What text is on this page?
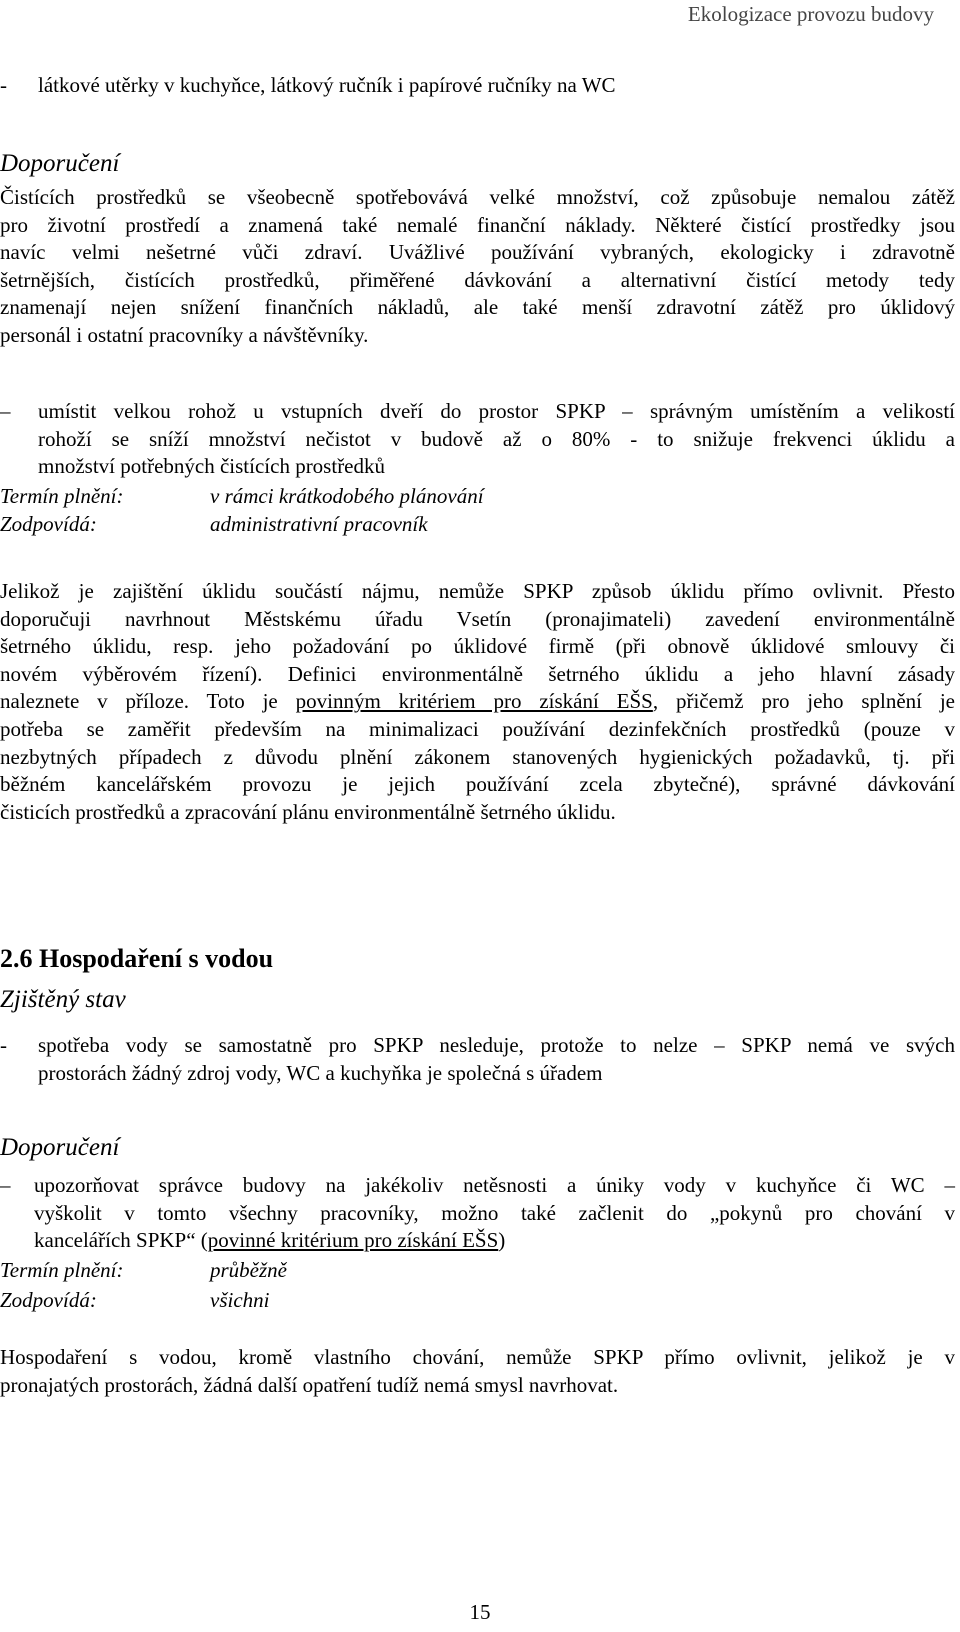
Ekologizace provozu budovy
- látkové utěrky v kuchyňce, látkový ručník i papírové ručníky na WC
Doporučení
Čistících prostředků se všeobecně spotřebovává velké množství, což způsobuje nemalou zátěž
pro životní prostředí a znamená také nemalé finanční náklady. Některé čistící prostředky jsou
navíc velmi nešetrné vůči zdraví. Uvážlivé používání vybraných, ekologicky i zdravotně
šetrnějších, čistících prostředků, přiměřené dávkování a alternativní čistící metody tedy
znamenají nejen snížení finančních nákladů, ale také menší zdravotní zátěž pro úklidový
personál i ostatní pracovníky a návštěvníky.
– umístit velkou rohož u vstupních dveří do prostor SPKP – správným umístěním a velikostí
rohoží se sníží množství nečistot v budově až o 80% - to snižuje frekvenci úklidu a
množství potřebných čistících prostředků
Termín plnění:	v rámci krátkodobého plánování
Zodpovídá:	administrativní pracovník
Jelikož je zajištění úklidu součástí nájmu, nemůže SPKP způsob úklidu přímo ovlivnit. Přesto
doporučuji navrhnout Městskému úřadu Vsetín (pronajimateli) zavedení environmentálně
šetrného úklidu, resp. jeho požadování po úklidové firmě (při obnově úklidové smlouvy či
novém výběrovém řízení). Definici environmentálně šetrného úklidu a jeho hlavní zásady
naleznete v příloze. Toto je povinným kritériem pro získání EŠS, přičemž pro jeho splnění je
potřeba se zaměřit především na minimalizaci používání dezinfekčních prostředků (pouze v
nezbytných případech z důvodu plnění zákonem stanovených hygienických požadavků, tj. při
běžném kancelářském provozu je jejich používání zcela zbytečné), správné dávkování
čisticích prostředků a zpracování plánu environmentálně šetrného úklidu.
2.6 Hospodaření s vodou
Zjištěný stav
- spotřeba vody se samostatně pro SPKP nesleduje, protože to nelze – SPKP nemá ve svých
prostorách žádný zdroj vody, WC a kuchyňka je společná s úřadem
Doporučení
– upozorňovat správce budovy na jakékoliv netěsnosti a úniky vody v kuchyňce či WC –
vyškolit v tomto všechny pracovníky, možno také začlenit do „pokynů pro chování v
kancelářích SPKP“ (povinné kritérium pro získání EŠS)
Termín plnění:	průběžně
Zodpovídá:	všichni
Hospodaření s vodou, kromě vlastního chování, nemůže SPKP přímo ovlivnit, jelikož je v
pronajatých prostorách, žádná další opatření tudíž nemá smysl navrhovat.
15
